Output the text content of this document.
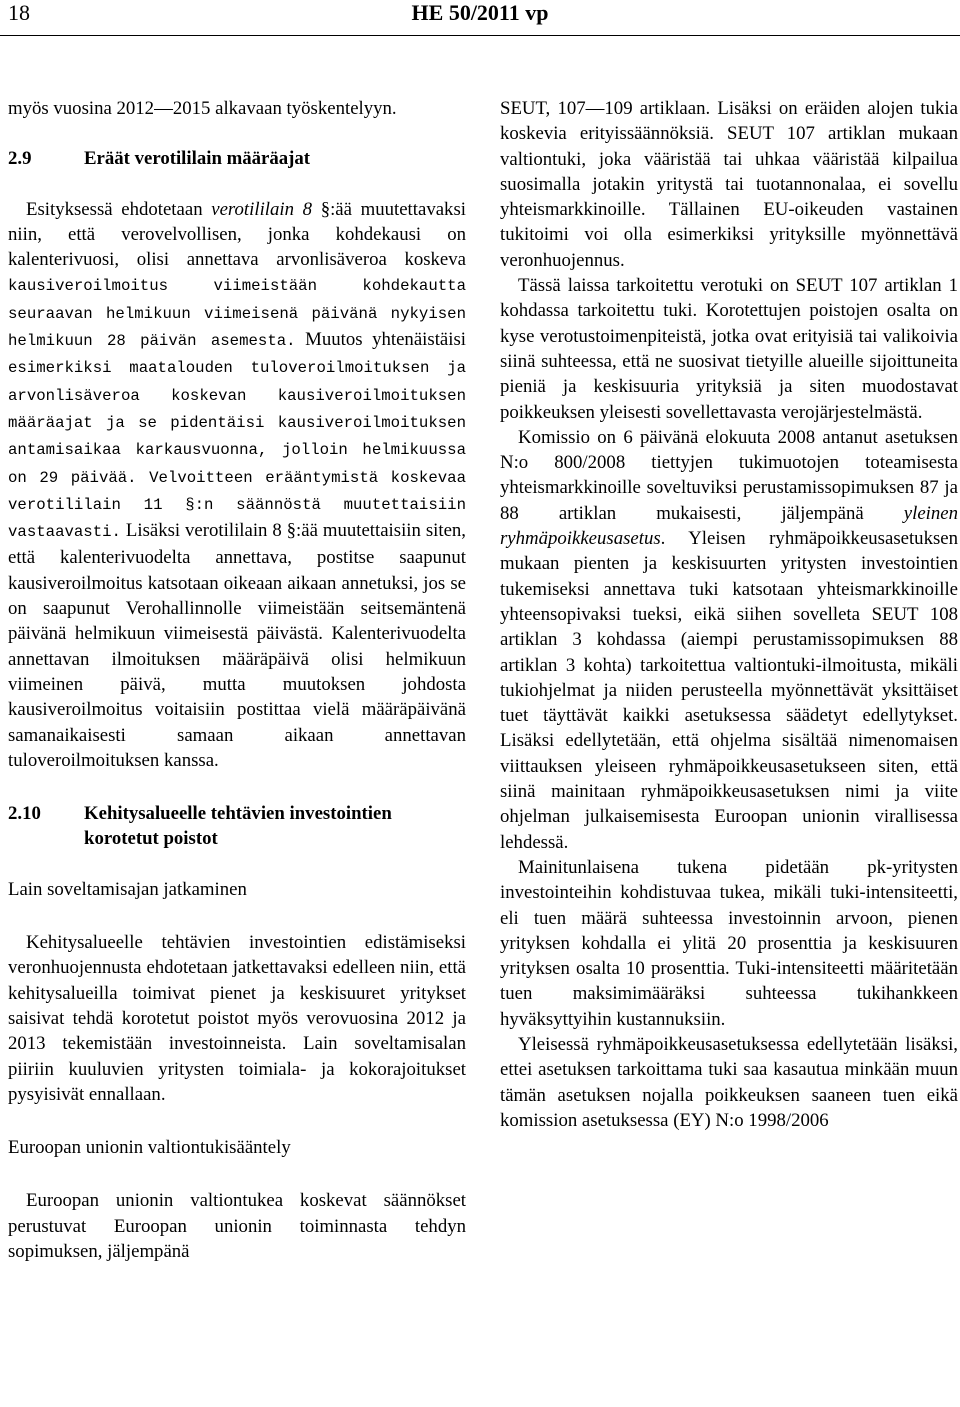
18	HE 50/2011 vp

myös vuosina 2012—2015 alkavaan työskentelyyn.

2.9	Eräät verotililain määräajat

Esityksessä ehdotetaan verotililain 8 §:ää muutettavaksi niin, että verovelvollisen, jonka kohdekausi on kalenterivuosi, olisi annettava arvonlisäveroa koskeva kausiveroilmoitus viimeistään kohdekautta seuraavan helmikuun viimeisenä päivänä nykyisen helmikuun 28 päivän asemesta. Muutos yhtenäistäisi esimerkiksi maatalouden tuloveroilmoituksen ja arvonlisäveroa koskevan kausiveroilmoituksen määräajat ja se pidentäisi kausiveroilmoituksen antamisaikaa karkausvuonna, jolloin helmikuussa on 29 päivää. Velvoitteen erääntymistä koskevaa verotililain 11 §:n säännöstä muutettaisiin vastaavasti. Lisäksi verotililain 8 §:ää muutettaisiin siten, että kalenterivuodelta annettava, postitse saapunut kausiveroilmoitus katsotaan oikeaan aikaan annetuksi, jos se on saapunut Verohallinnolle viimeistään seitsemäntenä päivänä helmikuun viimeisestä päivästä. Kalenterivuodelta annettavan ilmoituksen määräpäivä olisi helmikuun viimeinen päivä, mutta muutoksen johdosta kausiveroilmoitus voitaisiin postittaa vielä määräpäivänä samanaikaisesti samaan aikaan annettavan tuloveroilmoituksen kanssa.

2.10	Kehitysalueelle tehtävien investointien korotetut poistot

Lain soveltamisajan jatkaminen

Kehitysalueelle tehtävien investointien edistämiseksi veronhuojennusta ehdotetaan jatkettavaksi edelleen niin, että kehitysalueilla toimivat pienet ja keskisuuret yritykset saisivat tehdä korotetut poistot myös verovuosina 2012 ja 2013 tekemistään investoinneista. Lain soveltamisalan piiriin kuuluvien yritysten toimiala- ja kokorajoitukset pysyisivät ennallaan.

Euroopan unionin valtiontukisääntely

Euroopan unionin valtiontukea koskevat säännökset perustuvat Euroopan unionin toiminnasta tehdyn sopimuksen, jäljempänä

SEUT, 107—109 artiklaan. Lisäksi on eräiden alojen tukia koskevia erityissäännöksiä. SEUT 107 artiklan mukaan valtiontuki, joka vääristää tai uhkaa vääristää kilpailua suosimalla jotakin yritystä tai tuotannonalaa, ei sovellu yhteismarkkinoille. Tällainen EU-oikeuden vastainen tukitoimi voi olla esimerkiksi yrityksille myönnettävä veronhuojennus.

Tässä laissa tarkoitettu verotuki on SEUT 107 artiklan 1 kohdassa tarkoitettu tuki. Korotettujen poistojen osalta on kyse verotustoimenpiteistä, jotka ovat erityisiä tai valikoivia siinä suhteessa, että ne suosivat tietyille alueille sijoittuneita pieniä ja keskisuuria yrityksiä ja siten muodostavat poikkeuksen yleisesti sovellettavasta verojärjestelmästä.

Komissio on 6 päivänä elokuuta 2008 antanut asetuksen N:o 800/2008 tiettyjen tukimuotojen toteamisesta yhteismarkkinoille soveltuviksi perustamissopimuksen 87 ja 88 artiklan mukaisesti, jäljempänä yleinen ryhmäpoikkeusasetus. Yleisen ryhmäpoikkeusasetuksen mukaan pienten ja keskisuurten yritysten investointien tukemiseksi annettava tuki katsotaan yhteismarkkinoille yhteensopivaksi tueksi, eikä siihen sovelleta SEUT 108 artiklan 3 kohdassa (aiempi perustamissopimuksen 88 artiklan 3 kohta) tarkoitettua valtiontuki-ilmoitusta, mikäli tukiohjelmat ja niiden perusteella myönnettävät yksittäiset tuet täyttävät kaikki asetuksessa säädetyt edellytykset. Lisäksi edellytetään, että ohjelma sisältää nimenomaisen viittauksen yleiseen ryhmäpoikkeusasetukseen siten, että siinä mainitaan ryhmäpoikkeusasetuksen nimi ja viite ohjelman julkaisemisesta Euroopan unionin virallisessa lehdessä.

Mainitunlaisena tukena pidetään pk-yritysten investointeihin kohdistuvaa tukea, mikäli tuki-intensiteetti, eli tuen määrä suhteessa investoinnin arvoon, pienen yrityksen kohdalla ei ylitä 20 prosenttia ja keskisuuren yrityksen osalta 10 prosenttia. Tuki-intensiteetti määritetään tuen maksimimääräksi suhteessa tukihankkeen hyväksyttyihin kustannuksiin.

Yleisessä ryhmäpoikkeusasetuksessa edellytetään lisäksi, ettei asetuksen tarkoittama tuki saa kasautua minkään muun tämän asetuksen nojalla poikkeuksen saaneen tuen eikä komission asetuksessa (EY) N:o 1998/2006
